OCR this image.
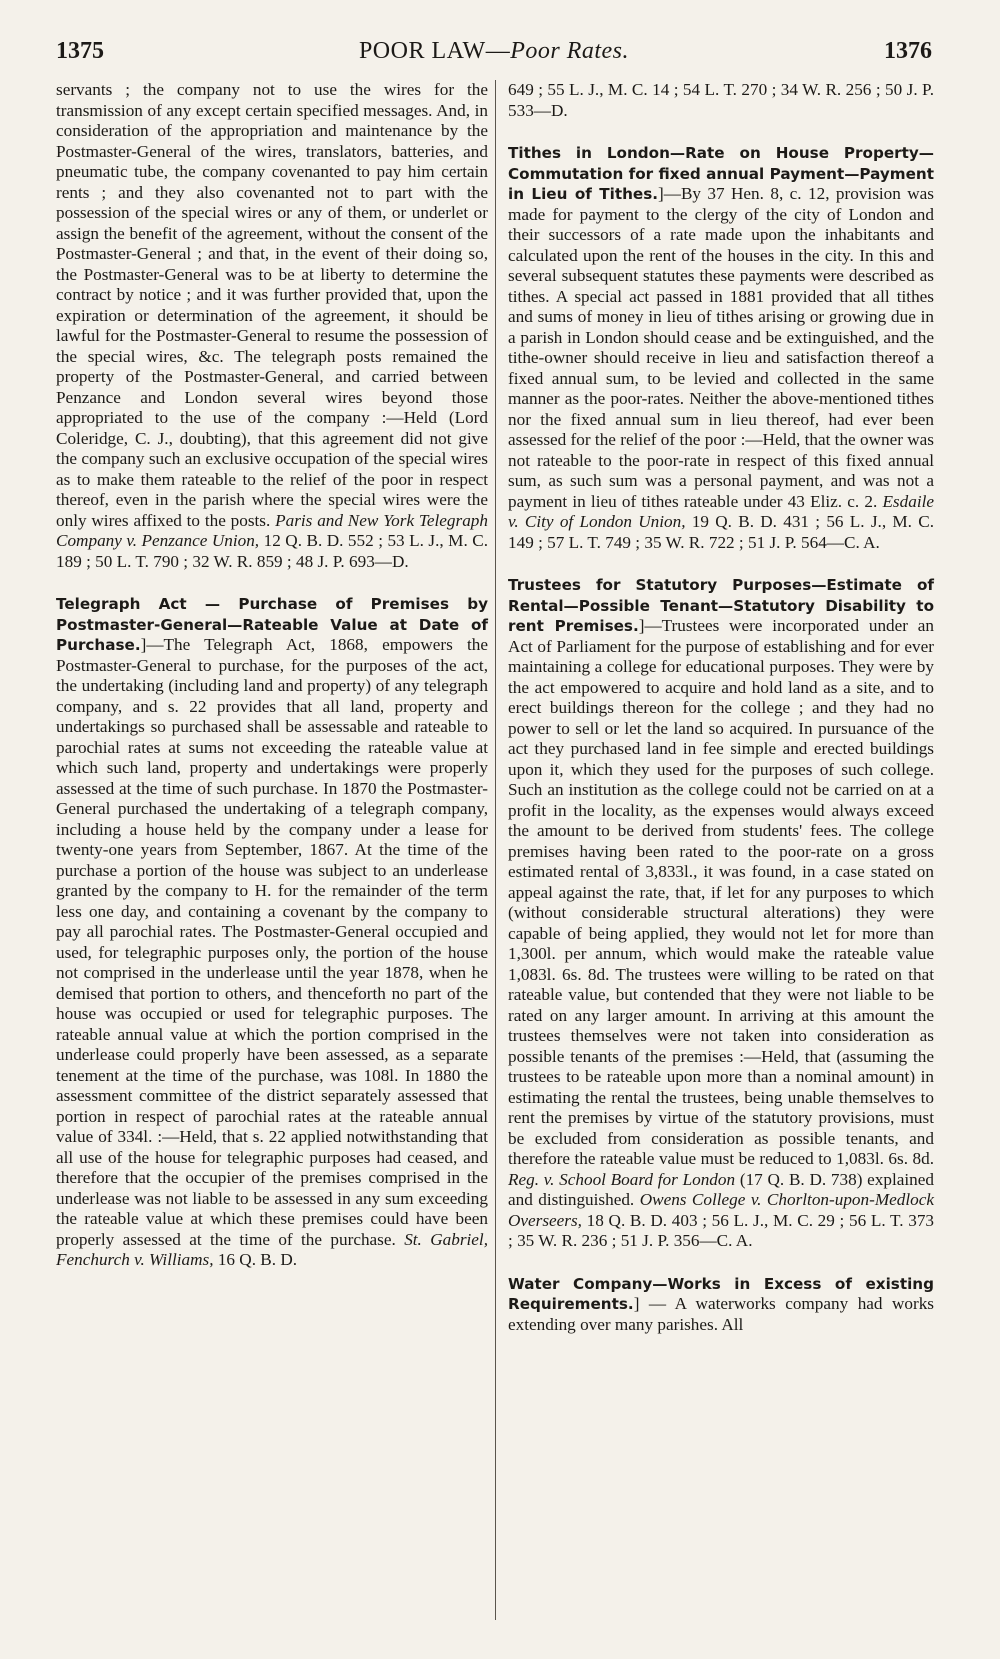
1375	POOR LAW—Poor Rates.	1376

servants ; the company not to use the wires for the transmission of any except certain specified messages. And, in consideration of the appropriation and maintenance by the Postmaster-General of the wires, translators, batteries, and pneumatic tube, the company covenanted to pay him certain rents ; and they also covenanted not to part with the possession of the special wires or any of them, or underlet or assign the benefit of the agreement, without the consent of the Postmaster-General ; and that, in the event of their doing so, the Postmaster-General was to be at liberty to determine the contract by notice ; and it was further provided that, upon the expiration or determination of the agreement, it should be lawful for the Postmaster-General to resume the possession of the special wires, &c. The telegraph posts remained the property of the Postmaster-General, and carried between Penzance and London several wires beyond those appropriated to the use of the company :—Held (Lord Coleridge, C. J., doubting), that this agreement did not give the company such an exclusive occupation of the special wires as to make them rateable to the relief of the poor in respect thereof, even in the parish where the special wires were the only wires affixed to the posts. Paris and New York Telegraph Company v. Penzance Union, 12 Q. B. D. 552 ; 53 L. J., M. C. 189 ; 50 L. T. 790 ; 32 W. R. 859 ; 48 J. P. 693—D.

Telegraph Act — Purchase of Premises by Postmaster-General—Rateable Value at Date of Purchase.]—The Telegraph Act, 1868, empowers the Postmaster-General to purchase, for the purposes of the act, the undertaking (including land and property) of any telegraph company, and s. 22 provides that all land, property and undertakings so purchased shall be assessable and rateable to parochial rates at sums not exceeding the rateable value at which such land, property and undertakings were properly assessed at the time of such purchase. In 1870 the Postmaster-General purchased the undertaking of a telegraph company, including a house held by the company under a lease for twenty-one years from September, 1867. At the time of the purchase a portion of the house was subject to an underlease granted by the company to H. for the remainder of the term less one day, and containing a covenant by the company to pay all parochial rates. The Postmaster-General occupied and used, for telegraphic purposes only, the portion of the house not comprised in the underlease until the year 1878, when he demised that portion to others, and thenceforth no part of the house was occupied or used for telegraphic purposes. The rateable annual value at which the portion comprised in the underlease could properly have been assessed, as a separate tenement at the time of the purchase, was 108l. In 1880 the assessment committee of the district separately assessed that portion in respect of parochial rates at the rateable annual value of 334l. :—Held, that s. 22 applied notwithstanding that all use of the house for telegraphic purposes had ceased, and therefore that the occupier of the premises comprised in the underlease was not liable to be assessed in any sum exceeding the rateable value at which these premises could have been properly assessed at the time of the purchase. St. Gabriel, Fenchurch v. Williams, 16 Q. B. D.

649 ; 55 L. J., M. C. 14 ; 54 L. T. 270 ; 34 W. R. 256 ; 50 J. P. 533—D.

Tithes in London—Rate on House Property—Commutation for fixed annual Payment—Payment in Lieu of Tithes.]—By 37 Hen. 8, c. 12, provision was made for payment to the clergy of the city of London and their successors of a rate made upon the inhabitants and calculated upon the rent of the houses in the city. In this and several subsequent statutes these payments were described as tithes. A special act passed in 1881 provided that all tithes and sums of money in lieu of tithes arising or growing due in a parish in London should cease and be extinguished, and the tithe-owner should receive in lieu and satisfaction thereof a fixed annual sum, to be levied and collected in the same manner as the poor-rates. Neither the above-mentioned tithes nor the fixed annual sum in lieu thereof, had ever been assessed for the relief of the poor :—Held, that the owner was not rateable to the poor-rate in respect of this fixed annual sum, as such sum was a personal payment, and was not a payment in lieu of tithes rateable under 43 Eliz. c. 2. Esdaile v. City of London Union, 19 Q. B. D. 431 ; 56 L. J., M. C. 149 ; 57 L. T. 749 ; 35 W. R. 722 ; 51 J. P. 564—C. A.

Trustees for Statutory Purposes—Estimate of Rental—Possible Tenant—Statutory Disability to rent Premises.]—Trustees were incorporated under an Act of Parliament for the purpose of establishing and for ever maintaining a college for educational purposes. They were by the act empowered to acquire and hold land as a site, and to erect buildings thereon for the college ; and they had no power to sell or let the land so acquired. In pursuance of the act they purchased land in fee simple and erected buildings upon it, which they used for the purposes of such college. Such an institution as the college could not be carried on at a profit in the locality, as the expenses would always exceed the amount to be derived from students' fees. The college premises having been rated to the poor-rate on a gross estimated rental of 3,833l., it was found, in a case stated on appeal against the rate, that, if let for any purposes to which (without considerable structural alterations) they were capable of being applied, they would not let for more than 1,300l. per annum, which would make the rateable value 1,083l. 6s. 8d. The trustees were willing to be rated on that rateable value, but contended that they were not liable to be rated on any larger amount. In arriving at this amount the trustees themselves were not taken into consideration as possible tenants of the premises :—Held, that (assuming the trustees to be rateable upon more than a nominal amount) in estimating the rental the trustees, being unable themselves to rent the premises by virtue of the statutory provisions, must be excluded from consideration as possible tenants, and therefore the rateable value must be reduced to 1,083l. 6s. 8d. Reg. v. School Board for London (17 Q. B. D. 738) explained and distinguished. Owens College v. Chorlton-upon-Medlock Overseers, 18 Q. B. D. 403 ; 56 L. J., M. C. 29 ; 56 L. T. 373 ; 35 W. R. 236 ; 51 J. P. 356—C. A.

Water Company—Works in Excess of existing Requirements.] — A waterworks company had works extending over many parishes. All
